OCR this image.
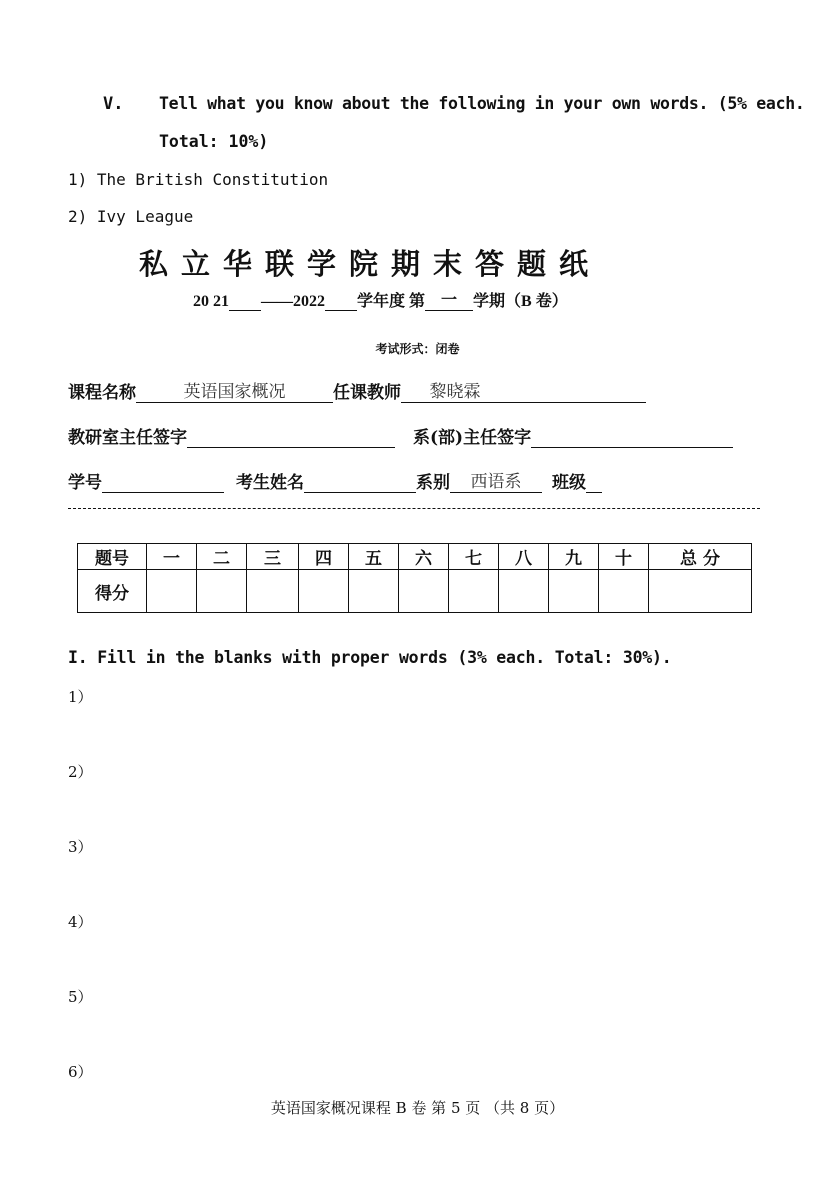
V. Tell what you know about the following in your own words. (5% each.
Total: 10%)
1) The British Constitution
2) Ivy League
私立华联学院期末答题纸
20 21 ——2022 学年度 第 一 学期（B 卷）
考试形式：闭卷
课程名称	英语国家概况	任课教师 黎晓霖
教研室主任签字	系(部)主任签字
学号	考生姓名	系别 西语系 班级
题号	一	二	三	四	五	六	七	八	九	十	总 分
得分											
I. Fill in the blanks with proper words (3% each. Total: 30%).
1）
2）
3）
4）
5）
6）
英语国家概况课程 B 卷 第 5 页 （共 8 页）
